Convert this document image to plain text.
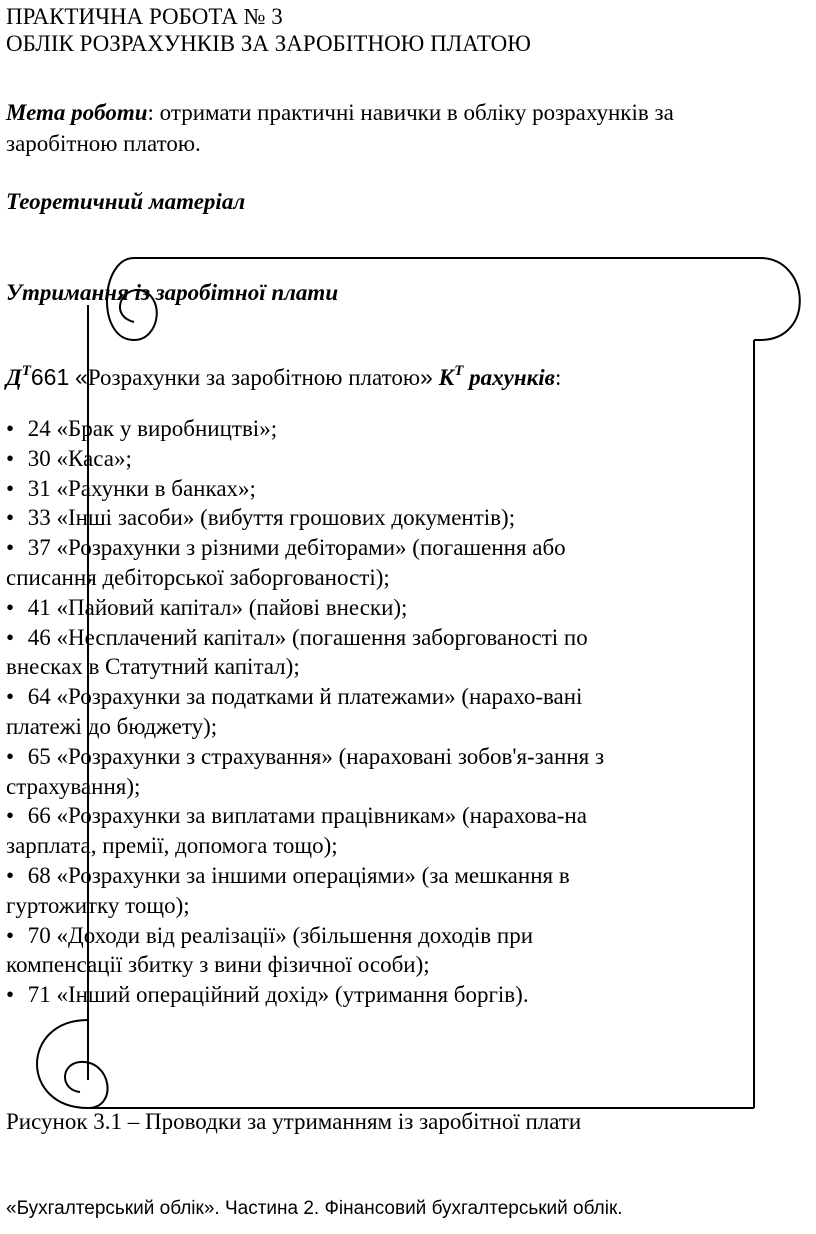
ПРАКТИЧНА РОБОТА № 3
ОБЛІК РОЗРАХУНКІВ ЗА ЗАРОБІТНОЮ ПЛАТОЮ
Мета роботи: отримати практичні навички в обліку розрахунків за
заробітною платою.
Теоретичний матеріал
Утримання із заробітної плати
$Д^Т661$ «Розрахунки за заробітною платою» $К^Т$ рахунків:
• 24 «Брак у виробництві»;
• 30 «Каса»;
• 31 «Рахунки в банках»;
• 33 «Інші засоби» (вибуття грошових документів);
• 37 «Розрахунки з різними дебіторами» (погашення або
списання дебіторської заборгованості);
• 41 «Пайовий капітал» (пайові внески);
• 46 «Несплачений капітал» (погашення заборгованості по
внесках в Статутний капітал);
• 64 «Розрахунки за податками й платежами» (нарахо-вані
платежі до бюджету);
• 65 «Розрахунки з страхування» (нараховані зобов'я-зання з
страхування);
• 66 «Розрахунки за виплатами працівникам» (нарахова-на
зарплата, премії, допомога тощо);
• 68 «Розрахунки за іншими операціями» (за мешкання в
гуртожитку тощо);
• 70 «Доходи від реалізації» (збільшення доходів при
компенсації збитку з вини фізичної особи);
• 71 «Інший операційний дохід» (утримання боргів).
Рисунок 3.1 – Проводки за утриманням із заробітної плати
«Бухгалтерський облік». Частина 2. Фінансовий бухгалтерський облік.
